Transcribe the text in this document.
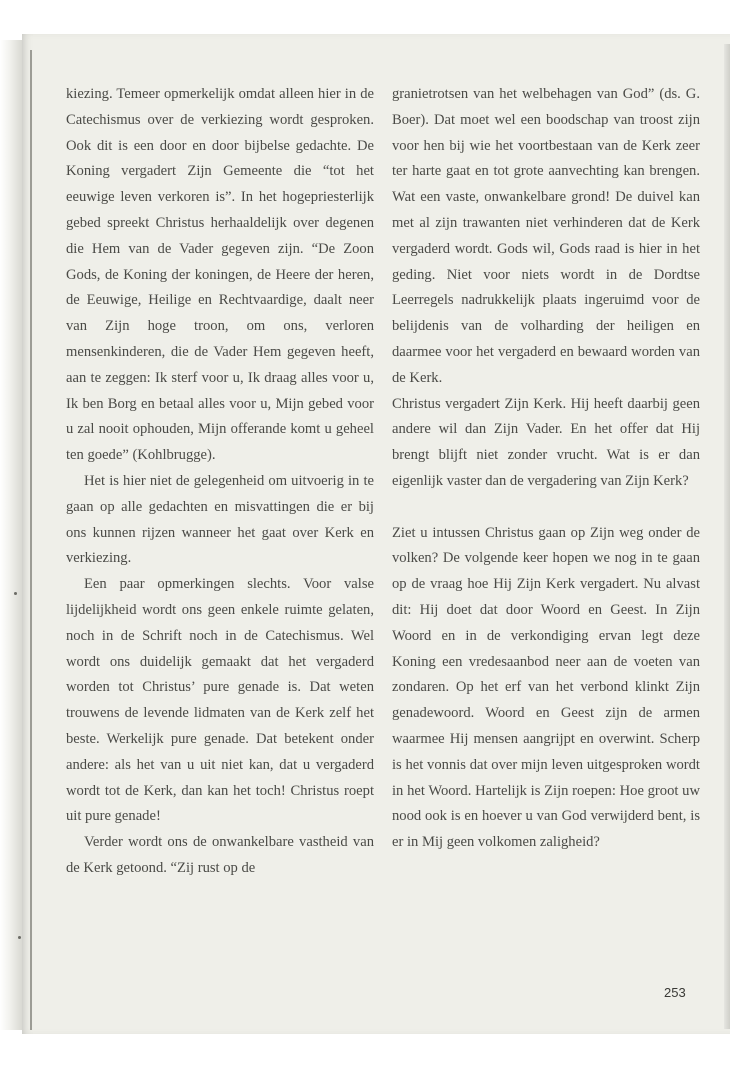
kiezing. Temeer opmerkelijk omdat alleen hier in de Catechismus over de verkiezing wordt gesproken. Ook dit is een door en door bijbelse gedachte. De Koning vergadert Zijn Gemeente die “tot het eeuwige leven verkoren is”. In het hogepriesterlijk gebed spreekt Christus herhaaldelijk over degenen die Hem van de Vader gegeven zijn. “De Zoon Gods, de Koning der koningen, de Heere der heren, de Eeuwige, Heilige en Rechtvaardige, daalt neer van Zijn hoge troon, om ons, verloren mensenkinderen, die de Vader Hem gegeven heeft, aan te zeggen: Ik sterf voor u, Ik draag alles voor u, Ik ben Borg en betaal alles voor u, Mijn gebed voor u zal nooit ophouden, Mijn offerande komt u geheel ten goede” (Kohlbrugge).

Het is hier niet de gelegenheid om uitvoerig in te gaan op alle gedachten en misvattingen die er bij ons kunnen rijzen wanneer het gaat over Kerk en verkiezing.

Een paar opmerkingen slechts. Voor valse lijdelijkheid wordt ons geen enkele ruimte gelaten, noch in de Schrift noch in de Catechismus. Wel wordt ons duidelijk gemaakt dat het vergaderd worden tot Christus’ pure genade is. Dat weten trouwens de levende lidmaten van de Kerk zelf het beste. Werkelijk pure genade. Dat betekent onder andere: als het van u uit niet kan, dat u vergaderd wordt tot de Kerk, dan kan het toch! Christus roept uit pure genade!

Verder wordt ons de onwankelbare vastheid van de Kerk getoond. “Zij rust op de

granietrotsen van het welbehagen van God” (ds. G. Boer). Dat moet wel een boodschap van troost zijn voor hen bij wie het voortbestaan van de Kerk zeer ter harte gaat en tot grote aanvechting kan brengen. Wat een vaste, onwankelbare grond! De duivel kan met al zijn trawanten niet verhinderen dat de Kerk vergaderd wordt. Gods wil, Gods raad is hier in het geding. Niet voor niets wordt in de Dordtse Leerregels nadrukkelijk plaats ingeruimd voor de belijdenis van de volharding der heiligen en daarmee voor het vergaderd en bewaard worden van de Kerk.

Christus vergadert Zijn Kerk. Hij heeft daarbij geen andere wil dan Zijn Vader. En het offer dat Hij brengt blijft niet zonder vrucht. Wat is er dan eigenlijk vaster dan de vergadering van Zijn Kerk?

Ziet u intussen Christus gaan op Zijn weg onder de volken? De volgende keer hopen we nog in te gaan op de vraag hoe Hij Zijn Kerk vergadert. Nu alvast dit: Hij doet dat door Woord en Geest. In Zijn Woord en in de verkondiging ervan legt deze Koning een vredesaanbod neer aan de voeten van zondaren. Op het erf van het verbond klinkt Zijn genadewoord. Woord en Geest zijn de armen waarmee Hij mensen aangrijpt en overwint. Scherp is het vonnis dat over mijn leven uitgesproken wordt in het Woord. Hartelijk is Zijn roepen: Hoe groot uw nood ook is en hoever u van God verwijderd bent, is er in Mij geen volkomen zaligheid?

253
